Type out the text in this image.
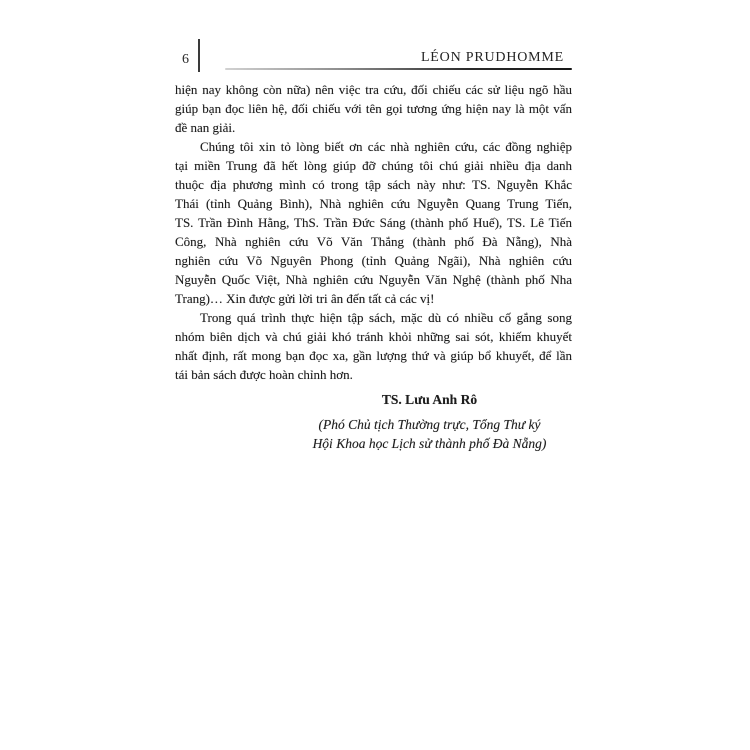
6	LÉON PRUDHOMME
hiện nay không còn nữa) nên việc tra cứu, đối chiếu các sử liệu ngõ hầu
giúp bạn đọc liên hệ, đối chiếu với tên gọi tương ứng hiện nay là một vấn
đề nan giải.
Chúng tôi xin tỏ lòng biết ơn các nhà nghiên cứu, các đồng nghiệp
tại miền Trung đã hết lòng giúp đỡ chúng tôi chú giải nhiều địa danh
thuộc địa phương mình có trong tập sách này như: TS. Nguyễn Khắc
Thái (tỉnh Quảng Bình), Nhà nghiên cứu Nguyễn Quang Trung Tiến,
TS. Trần Đình Hằng, ThS. Trần Đức Sáng (thành phố Huế), TS. Lê Tiến
Công, Nhà nghiên cứu Võ Văn Thắng (thành phố Đà Nẵng), Nhà
nghiên cứu Võ Nguyên Phong (tỉnh Quảng Ngãi), Nhà nghiên cứu
Nguyễn Quốc Việt, Nhà nghiên cứu Nguyễn Văn Nghệ (thành phố Nha
Trang)… Xin được gửi lời tri ân đến tất cả các vị!
Trong quá trình thực hiện tập sách, mặc dù có nhiều cố gắng song
nhóm biên dịch và chú giải khó tránh khỏi những sai sót, khiếm khuyết
nhất định, rất mong bạn đọc xa, gần lượng thứ và giúp bổ khuyết, để lần
tái bản sách được hoàn chỉnh hơn.
TS. Lưu Anh Rô
(Phó Chủ tịch Thường trực, Tổng Thư ký
Hội Khoa học Lịch sử thành phố Đà Nẵng)
